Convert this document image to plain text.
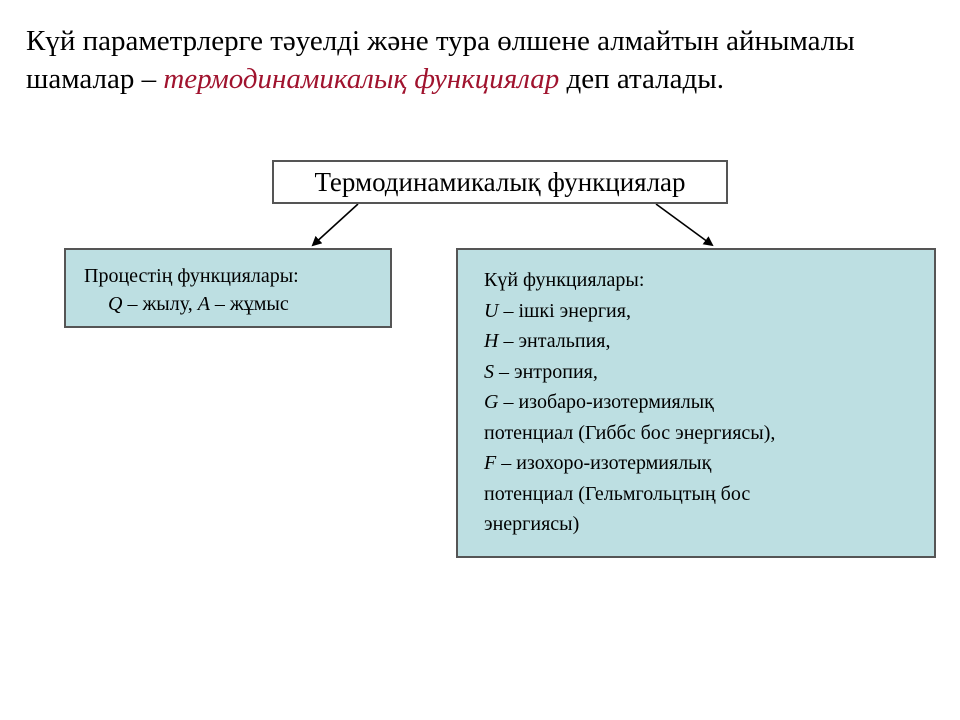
Күй параметрлерге тәуелді және тура өлшене алмайтын айнымалы
шамалар – термодинамикалық функциялар деп аталады.
Термодинамикалық функциялар
Процестің функциялары:
Q – жылу, A – жұмыс
Күй функциялары:
U – ішкі энергия,
H – энтальпия,
S – энтропия,
G – изобаро-изотермиялық
потенциал (Гиббс бос энергиясы),
F – изохоро-изотермиялық
потенциал (Гельмгольцтың бос
энергиясы)
